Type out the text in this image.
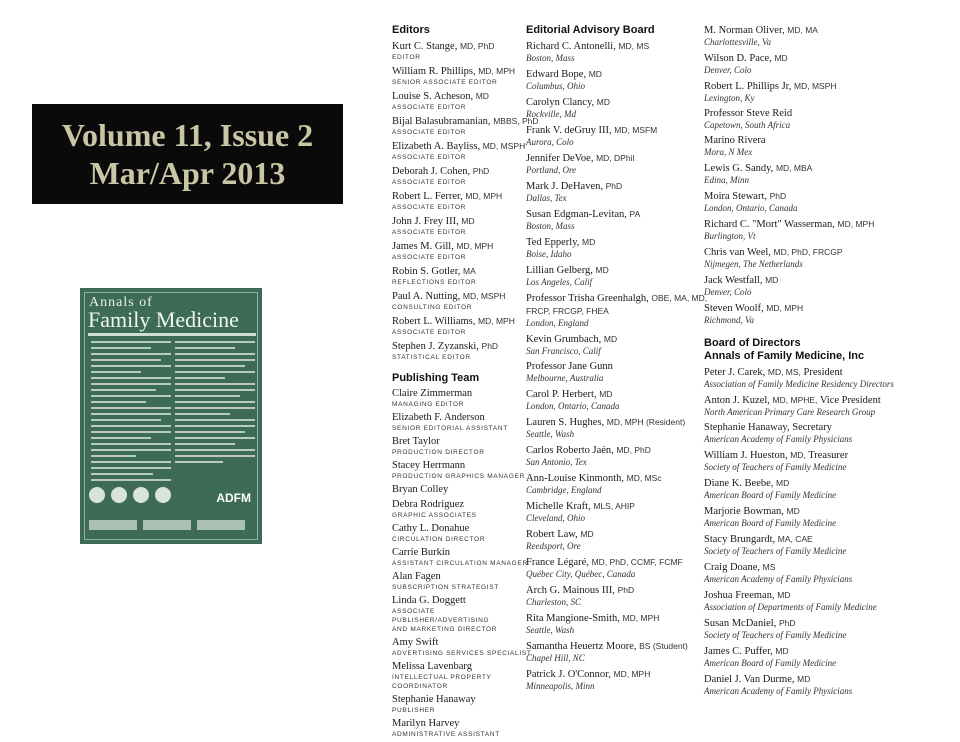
Volume 11, Issue 2
Mar/Apr 2013
Annals of
Family Medicine
ADFM
Editors
Kurt C. Stange, MD, PhD
EDITOR
William R. Phillips, MD, MPH
SENIOR ASSOCIATE EDITOR
Louise S. Acheson, MD
ASSOCIATE EDITOR
Bijal Balasubramanian, MBBS, PhD
ASSOCIATE EDITOR
Elizabeth A. Bayliss, MD, MSPH
ASSOCIATE EDITOR
Deborah J. Cohen, PhD
ASSOCIATE EDITOR
Robert L. Ferrer, MD, MPH
ASSOCIATE EDITOR
John J. Frey III, MD
ASSOCIATE EDITOR
James M. Gill, MD, MPH
ASSOCIATE EDITOR
Robin S. Gotler, MA
REFLECTIONS EDITOR
Paul A. Nutting, MD, MSPH
CONSULTING EDITOR
Robert L. Williams, MD, MPH
ASSOCIATE EDITOR
Stephen J. Zyzanski, PhD
STATISTICAL EDITOR
Publishing Team
Claire Zimmerman
MANAGING EDITOR
Elizabeth F. Anderson
SENIOR EDITORIAL ASSISTANT
Bret Taylor
PRODUCTION DIRECTOR
Stacey Herrmann
PRODUCTION GRAPHICS MANAGER
Bryan Colley
Debra Rodriguez
GRAPHIC ASSOCIATES
Cathy L. Donahue
CIRCULATION DIRECTOR
Carrie Burkin
ASSISTANT CIRCULATION MANAGER
Alan Fagen
SUBSCRIPTION STRATEGIST
Linda G. Doggett
ASSOCIATE PUBLISHER/ADVERTISING
AND MARKETING DIRECTOR
Amy Swift
ADVERTISING SERVICES SPECIALIST
Melissa Lavenbarg
INTELLECTUAL PROPERTY
COORDINATOR
Stephanie Hanaway
PUBLISHER
Marilyn Harvey
ADMINISTRATIVE ASSISTANT
Editorial Advisory Board
Richard C. Antonelli, MD, MS
Boston, Mass
Edward Bope, MD
Columbus, Ohio
Carolyn Clancy, MD
Rockville, Md
Frank V. deGruy III, MD, MSFM
Aurora, Colo
Jennifer DeVoe, MD, DPhil
Portland, Ore
Mark J. DeHaven, PhD
Dallas, Tex
Susan Edgman-Levitan, PA
Boston, Mass
Ted Epperly, MD
Boise, Idaho
Lillian Gelberg, MD
Los Angeles, Calif
Professor Trisha Greenhalgh, OBE, MA, MD,
FRCP, FRCGP, FHEA
London, England
Kevin Grumbach, MD
San Francisco, Calif
Professor Jane Gunn
Melbourne, Australia
Carol P. Herbert, MD
London, Ontario, Canada
Lauren S. Hughes, MD, MPH (Resident)
Seattle, Wash
Carlos Roberto Jaén, MD, PhD
San Antonio, Tex
Ann-Louise Kinmonth, MD, MSc
Cambridge, England
Michelle Kraft, MLS, AHIP
Cleveland, Ohio
Robert Law, MD
Reedsport, Ore
France Légaré, MD, PhD, CCMF, FCMF
Québec City, Québec, Canada
Arch G. Mainous III, PhD
Charleston, SC
Rita Mangione-Smith, MD, MPH
Seattle, Wash
Samantha Heuertz Moore, BS (Student)
Chapel Hill, NC
Patrick J. O'Connor, MD, MPH
Minneapolis, Minn
M. Norman Oliver, MD, MA
Charlottesville, Va
Wilson D. Pace, MD
Denver, Colo
Robert L. Phillips Jr, MD, MSPH
Lexington, Ky
Professor Steve Reid
Capetown, South Africa
Marino Rivera
Mora, N Mex
Lewis G. Sandy, MD, MBA
Edina, Minn
Moira Stewart, PhD
London, Ontario, Canada
Richard C. "Mort" Wasserman, MD, MPH
Burlington, Vt
Chris van Weel, MD, PhD, FRCGP
Nijmegen, The Netherlands
Jack Westfall, MD
Denver, Colo
Steven Woolf, MD, MPH
Richmond, Va
Board of Directors
Annals of Family Medicine, Inc
Peter J. Carek, MD, MS, President
Association of Family Medicine Residency Directors
Anton J. Kuzel, MD, MPHE, Vice President
North American Primary Care Research Group
Stephanie Hanaway, Secretary
American Academy of Family Physicians
William J. Hueston, MD, Treasurer
Society of Teachers of Family Medicine
Diane K. Beebe, MD
American Board of Family Medicine
Marjorie Bowman, MD
American Board of Family Medicine
Stacy Brungardt, MA, CAE
Society of Teachers of Family Medicine
Craig Doane, MS
American Academy of Family Physicians
Joshua Freeman, MD
Association of Departments of Family Medicine
Susan McDaniel, PhD
Society of Teachers of Family Medicine
James C. Puffer, MD
American Board of Family Medicine
Daniel J. Van Durme, MD
American Academy of Family Physicians
